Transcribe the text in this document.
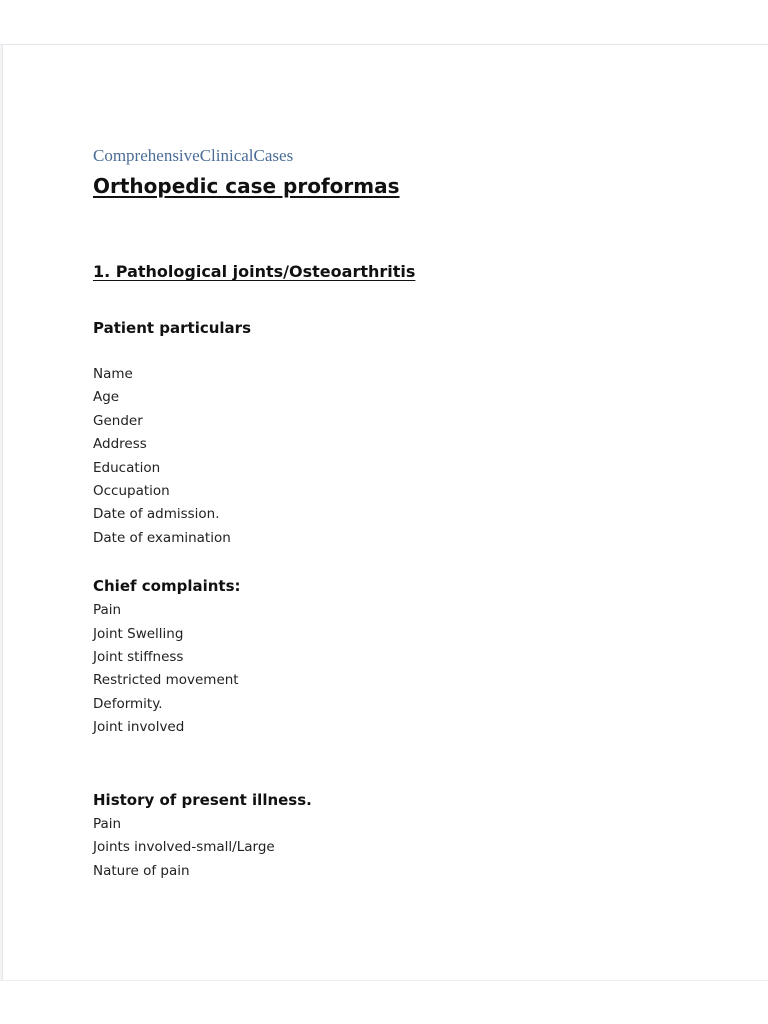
ComprehensiveClinicalCases

Orthopedic case proformas
1. Pathological joints/Osteoarthritis
Patient particulars
Name
Age
Gender
Address
Education
Occupation
Date of admission.
Date of examination
Chief complaints:
Pain
Joint Swelling
Joint stiffness
Restricted movement
Deformity.
Joint involved
History of present illness.
Pain
Joints involved-small/Large
Nature of pain
